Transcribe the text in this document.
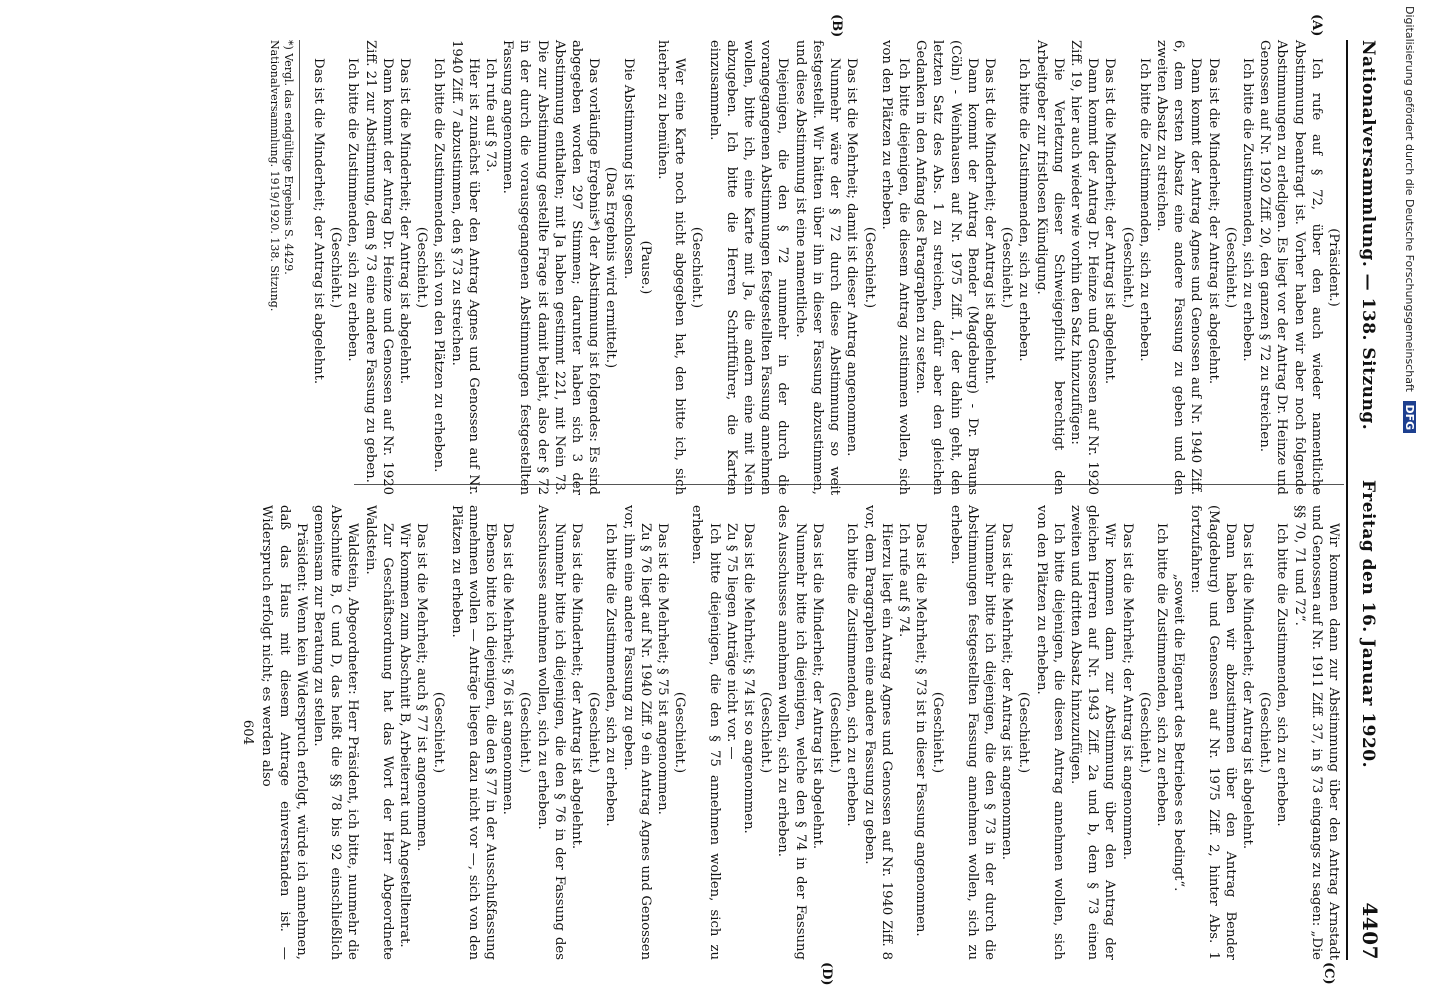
Nationalversammlung. — 138. Sitzung.
Freitag den 16. Januar 1920.
4407
(A)
(B)
(C)
(D)

(Präsident.)

Ich rufe auf § 72, über den auch wieder namentliche Abstimmung beantragt ist. Vorher haben wir aber noch folgende Abstimmungen zu erledigen. Es liegt vor der Antrag Dr. Heinze und Genossen auf Nr. 1920 Ziff. 20, den ganzen § 72 zu streichen.

Ich bitte die Zustimmenden, sich zu erheben.

(Geschieht.)

Das ist die Minderheit; der Antrag ist abgelehnt.

Dann kommt der Antrag Agnes und Genossen auf Nr. 1940 Ziff. 6, dem ersten Absatz eine andere Fassung zu geben und den zweiten Absatz zu streichen.

Ich bitte die Zustimmenden, sich zu erheben.

(Geschieht.)

Das ist die Minderheit; der Antrag ist abgelehnt.

Dann kommt der Antrag Dr. Heinze und Genossen auf Nr. 1920 Ziff. 19, hier auch wieder wie vorhin den Satz hinzuzufügen:

Die Verletzung dieser Schweigepflicht berechtigt den Arbeitgeber zur fristlosen Kündigung.

Ich bitte die Zustimmenden, sich zu erheben.

(Geschieht.)

Das ist die Minderheit; der Antrag ist abgelehnt.

Dann kommt der Antrag Bender (Magdeburg) - Dr. Brauns (Cöln) - Weinhausen auf Nr. 1975 Ziff. 1, der dahin geht, den letzten Satz des Abs. 1 zu streichen, dafür aber den gleichen Gedanken in den Anfang des Paragraphen zu setzen.

Ich bitte diejenigen, die diesem Antrag zustimmen wollen, sich von den Plätzen zu erheben.

(Geschieht.)

Das ist die Mehrheit; damit ist dieser Antrag angenommen.

Nunmehr wäre der § 72 durch diese Abstimmung so weit festgestellt. Wir hätten über ihn in dieser Fassung abzustimmen, und diese Abstimmung ist eine namentliche.

Diejenigen, die den § 72 nunmehr in der durch die vorangegangenen Abstimmungen festgestellten Fassung annehmen wollen, bitte ich, eine Karte mit Ja, die andern eine mit Nein abzugeben. Ich bitte die Herren Schriftführer, die Karten einzusammeln.

(Geschieht.)

Wer eine Karte noch nicht abgegeben hat, den bitte ich, sich hierher zu bemühen.

(Pause.)

Die Abstimmung ist geschlossen.

(Das Ergebnis wird ermittelt.)

Das vorläufige Ergebnis*) der Abstimmung ist folgendes: Es sind abgegeben worden 297 Stimmen; darunter haben sich 3 der Abstimmung enthalten; mit Ja haben gestimmt 221, mit Nein 73. Die zur Abstimmung gestellte Frage ist damit bejaht, also der § 72 in der durch die vorausgegangenen Abstimmungen festgestellten Fassung angenommen.

Ich rufe auf § 73.

Hier ist zunächst über den Antrag Agnes und Genossen auf Nr. 1940 Ziff. 7 abzustimmen, den § 73 zu streichen.

Ich bitte die Zustimmenden, sich von den Plätzen zu erheben.

(Geschieht.)

Das ist die Minderheit; der Antrag ist abgelehnt.

Dann kommt der Antrag Dr. Heinze und Genossen auf Nr. 1920 Ziff. 21 zur Abstimmung, dem § 73 eine andere Fassung zu geben.

Ich bitte die Zustimmenden, sich zu erheben.

(Geschieht.)

Das ist die Minderheit; der Antrag ist abgelehnt.

*) Vergl. das endgültige Ergebnis S. 4429.
Nationalversammlung. 1919/1920. 138. Sitzung.

Wir kommen dann zur Abstimmung über den Antrag Arnstadt und Genossen auf Nr. 1911 Ziff. 37, in § 73 eingangs zu sagen: „Die §§ 70, 71 und 72“.

Ich bitte die Zustimmenden, sich zu erheben.

(Geschieht.)

Das ist die Minderheit; der Antrag ist abgelehnt.

Dann haben wir abzustimmen über den Antrag Bender (Magdeburg) und Genossen auf Nr. 1975 Ziff. 2, hinter Abs. 1 fortzufahren:

„soweit die Eigenart des Betriebes es bedingt“.

Ich bitte die Zustimmenden, sich zu erheben.

(Geschieht.)

Das ist die Mehrheit; der Antrag ist angenommen.

Wir kommen dann zur Abstimmung über den Antrag der gleichen Herren auf Nr. 1943 Ziff. 2a und b, dem § 73 einen zweiten und dritten Absatz hinzuzufügen.

Ich bitte diejenigen, die diesen Antrag annehmen wollen, sich von den Plätzen zu erheben.

(Geschieht.)

Das ist die Mehrheit; der Antrag ist angenommen.

Nunmehr bitte ich diejenigen, die den § 73 in der durch die Abstimmungen festgestellten Fassung annehmen wollen, sich zu erheben.

(Geschieht.)

Das ist die Mehrheit; § 73 ist in dieser Fassung angenommen.

Ich rufe auf § 74.

Hierzu liegt ein Antrag Agnes und Genossen auf Nr. 1940 Ziff. 8 vor, dem Paragraphen eine andere Fassung zu geben.

Ich bitte die Zustimmenden, sich zu erheben.

(Geschieht.)

Das ist die Minderheit; der Antrag ist abgelehnt.

Nunmehr bitte ich diejenigen, welche den § 74 in der Fassung des Ausschusses annehmen wollen, sich zu erheben.

(Geschieht.)

Das ist die Mehrheit; § 74 ist so angenommen.

Zu § 75 liegen Anträge nicht vor. —

Ich bitte diejenigen, die den § 75 annehmen wollen, sich zu erheben.

(Geschieht.)

Das ist die Mehrheit; § 75 ist angenommen.

Zu § 76 liegt auf Nr. 1940 Ziff. 9 ein Antrag Agnes und Genossen vor, ihm eine andere Fassung zu geben.

Ich bitte die Zustimmenden, sich zu erheben.

(Geschieht.)

Das ist die Minderheit; der Antrag ist abgelehnt.

Nunmehr bitte ich diejenigen, die den § 76 in der Fassung des Ausschusses annehmen wollen, sich zu erheben.

(Geschieht.)

Das ist die Mehrheit; § 76 ist angenommen.

Ebenso bitte ich diejenigen, die den § 77 in der Ausschußfassung annehmen wollen — Anträge liegen dazu nicht vor —, sich von den Plätzen zu erheben.

(Geschieht.)

Das ist die Mehrheit; auch § 77 ist angenommen.

Wir kommen zum Abschnitt B, Arbeiterrat und Angestelltenrat.

Zur Geschäftsordnung hat das Wort der Herr Abgeordnete Waldstein.

Waldstein, Abgeordneter: Herr Präsident, ich bitte, nunmehr die Abschnitte B, C und D, das heißt die §§ 78 bis 92 einschließlich gemeinsam zur Beratung zu stellen.

Präsident: Wenn kein Widerspruch erfolgt, würde ich annehmen, daß das Haus mit diesem Antrage einverstanden ist. — Widerspruch erfolgt nicht; es werden also

604
Digitalisierung gefördert durch die Deutsche Forschungsgemeinschaft DFG
